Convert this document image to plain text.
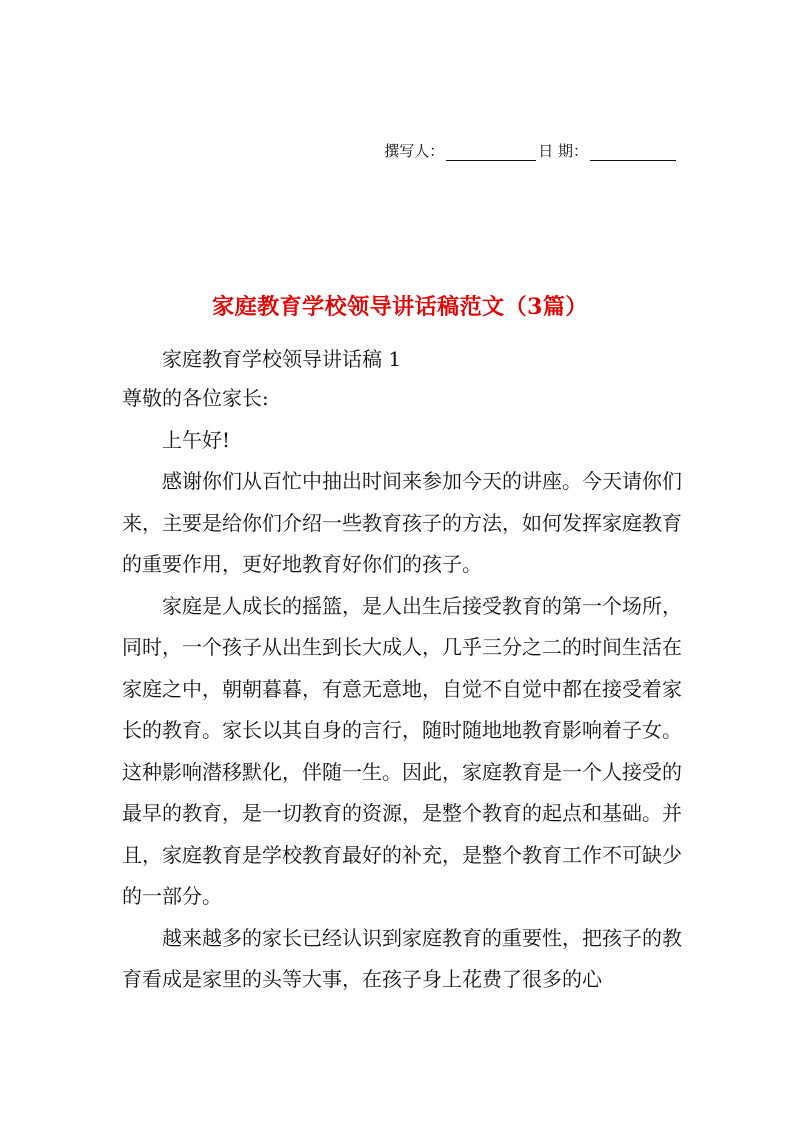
撰写人：	日 期：
家庭教育学校领导讲话稿范文（3篇）

家庭教育学校领导讲话稿 1

尊敬的各位家长:

上午好!

感谢你们从百忙中抽出时间来参加今天的讲座。今天请你们来，主要是给你们介绍一些教育孩子的方法，如何发挥家庭教育的重要作用，更好地教育好你们的孩子。

家庭是人成长的摇篮，是人出生后接受教育的第一个场所，同时，一个孩子从出生到长大成人，几乎三分之二的时间生活在家庭之中，朝朝暮暮，有意无意地，自觉不自觉中都在接受着家长的教育。家长以其自身的言行，随时随地地教育影响着子女。这种影响潜移默化，伴随一生。因此，家庭教育是一个人接受的最早的教育，是一切教育的资源，是整个教育的起点和基础。并且，家庭教育是学校教育最好的补充，是整个教育工作不可缺少的一部分。

越来越多的家长已经认识到家庭教育的重要性，把孩子的教育看成是家里的头等大事，在孩子身上花费了很多的心
